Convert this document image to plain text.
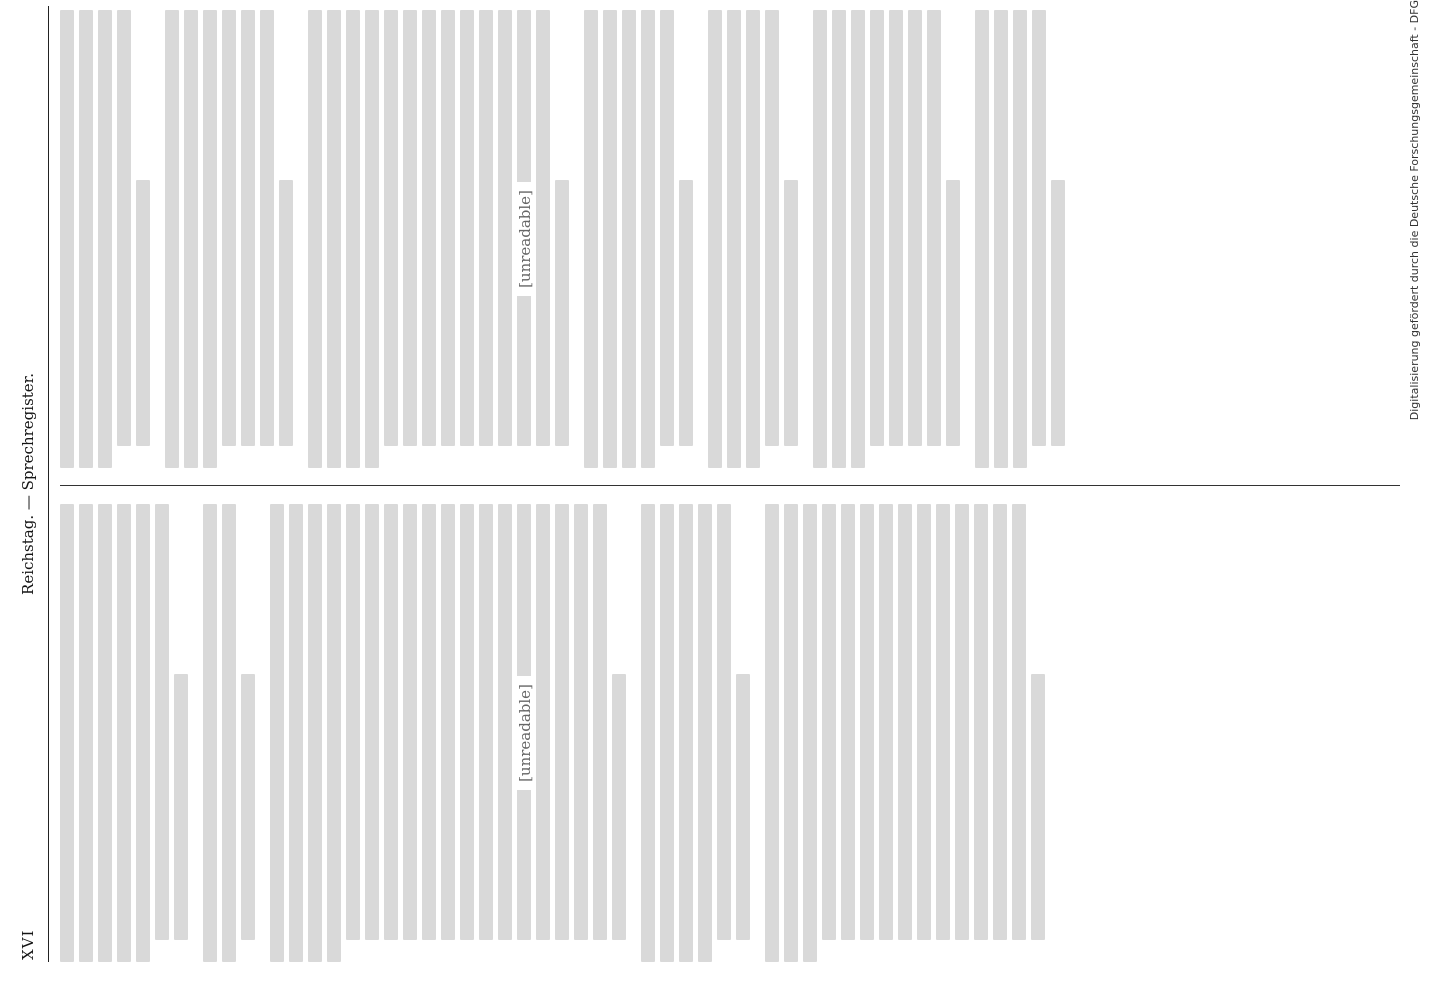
XVI
Reichstag. — Sprechregister.
[unreadable]
[unreadable]	Digitalisierung gefördert durch die Deutsche Forschungsgemeinschaft - DFG
